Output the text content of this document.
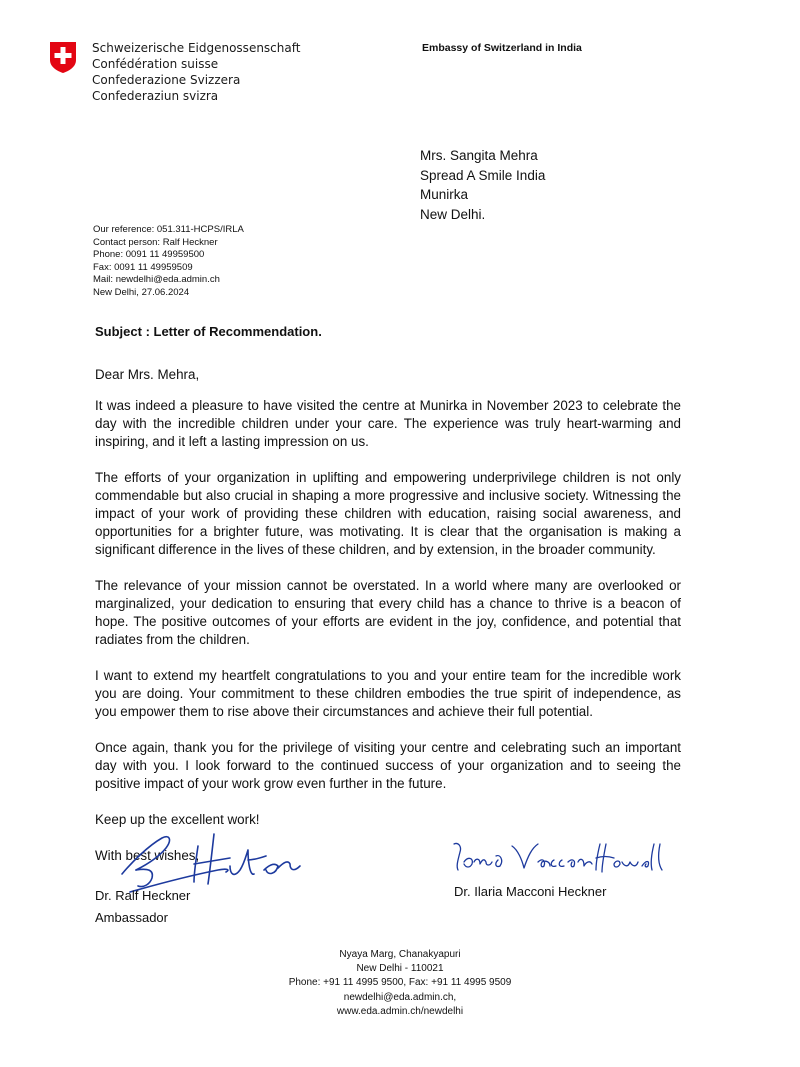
Schweizerische Eidgenossenschaft
Confédération suisse
Confederazione Svizzera
Confederaziun svizra
Embassy of Switzerland in India
Mrs. Sangita Mehra
Spread A Smile India
Munirka
New Delhi.
Our reference: 051.311-HCPS/IRLA
Contact person: Ralf Heckner
Phone: 0091 11 49959500
Fax: 0091 11 49959509
Mail: newdelhi@eda.admin.ch
New Delhi, 27.06.2024
Subject : Letter of Recommendation.

Dear Mrs. Mehra,

It was indeed a pleasure to have visited the centre at Munirka in November 2023 to celebrate the day with the incredible children under your care. The experience was truly heart-warming and inspiring, and it left a lasting impression on us.

The efforts of your organization in uplifting and empowering underprivilege children is not only commendable but also crucial in shaping a more progressive and inclusive society. Witnessing the impact of your work of providing these children with education, raising social awareness, and opportunities for a brighter future, was motivating. It is clear that the organisation is making a significant difference in the lives of these children, and by extension, in the broader community.

The relevance of your mission cannot be overstated. In a world where many are overlooked or marginalized, your dedication to ensuring that every child has a chance to thrive is a beacon of hope. The positive outcomes of your efforts are evident in the joy, confidence, and potential that radiates from the children.

I want to extend my heartfelt congratulations to you and your entire team for the incredible work you are doing. Your commitment to these children embodies the true spirit of independence, as you empower them to rise above their circumstances and achieve their full potential.

Once again, thank you for the privilege of visiting your centre and celebrating such an important day with you. I look forward to the continued success of your organization and to seeing the positive impact of your work grow even further in the future.

Keep up the excellent work!

With best wishes,

Dr. Ralf Heckner
Ambassador
Dr. Ilaria Macconi Heckner
Nyaya Marg, Chanakyapuri
New Delhi - 110021
Phone: +91 11 4995 9500, Fax: +91 11 4995 9509
newdelhi@eda.admin.ch,
www.eda.admin.ch/newdelhi
